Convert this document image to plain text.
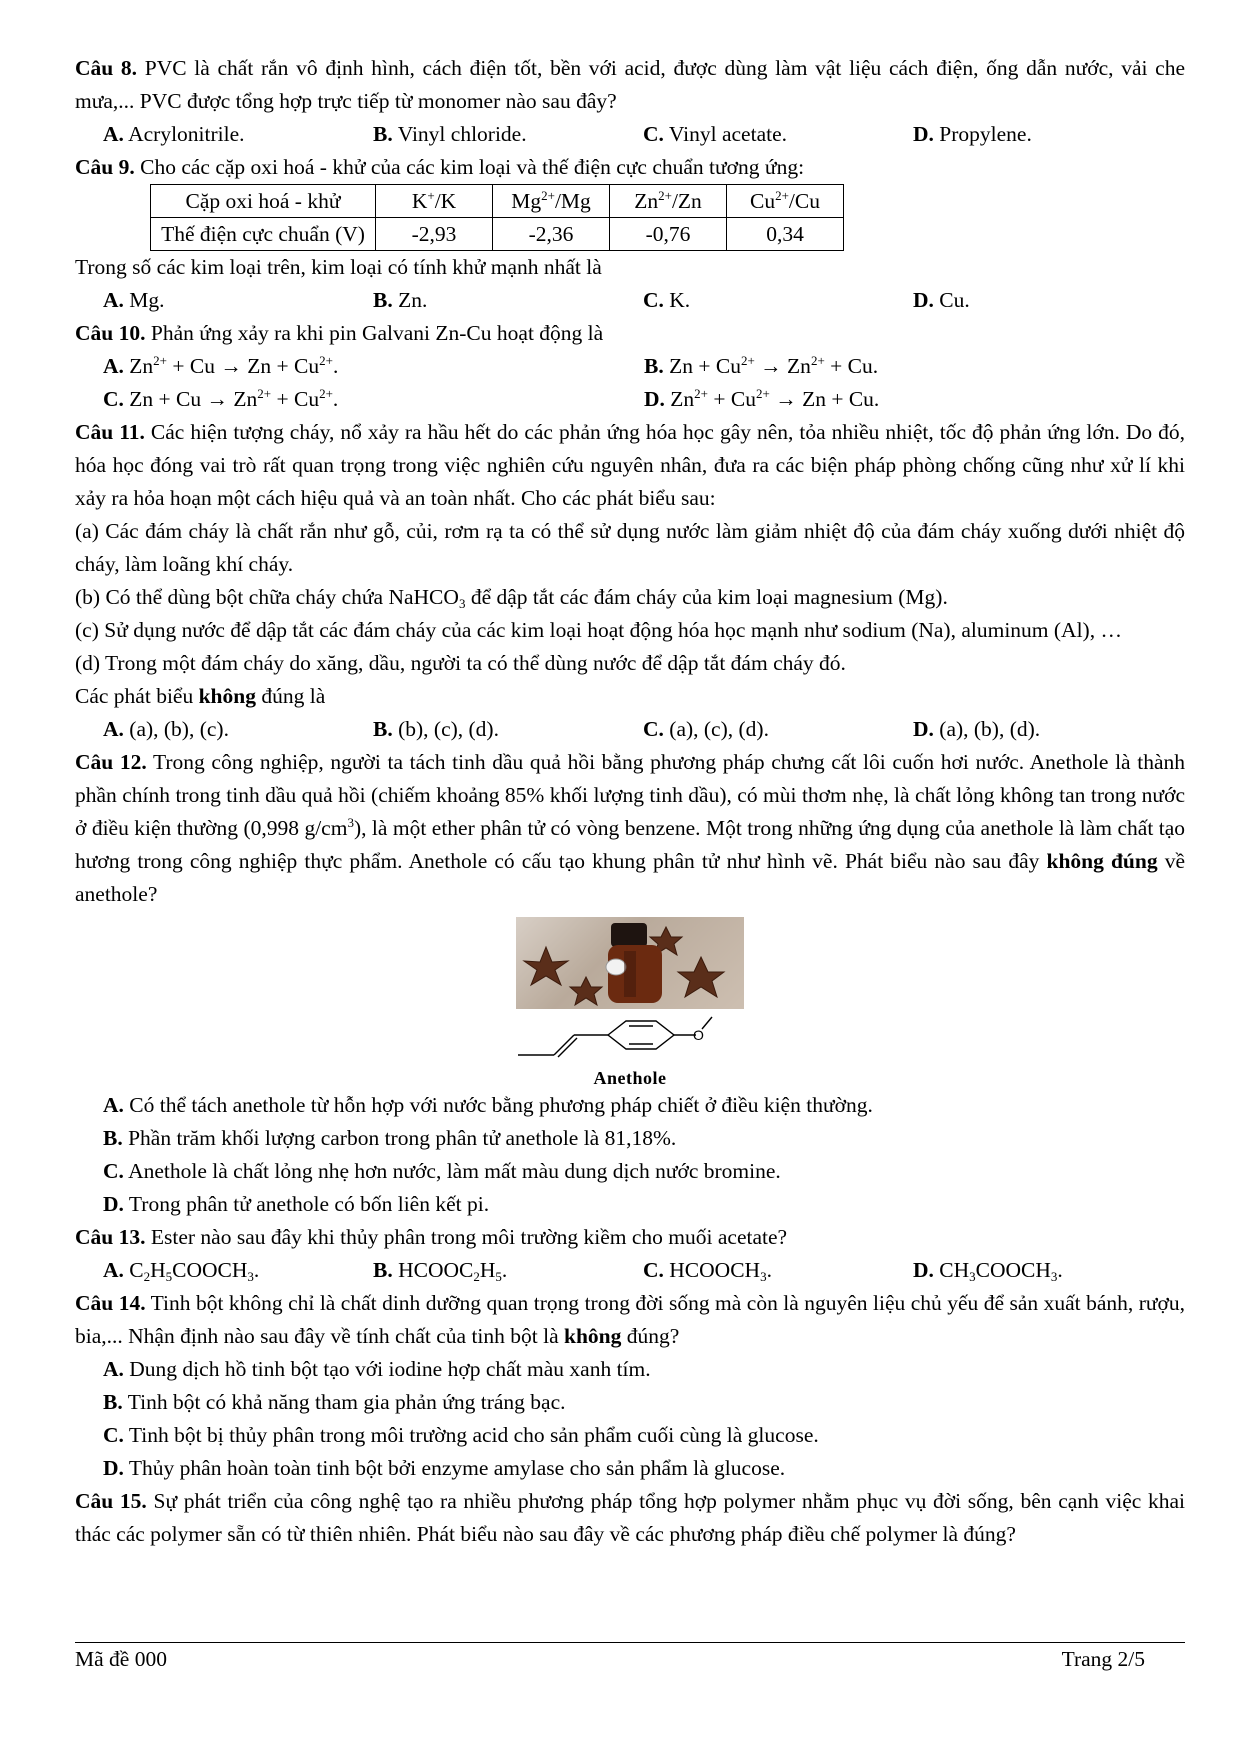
Câu 8. PVC là chất rắn vô định hình, cách điện tốt, bền với acid, được dùng làm vật liệu cách điện, ống dẫn nước, vải che mưa,... PVC được tổng hợp trực tiếp từ monomer nào sau đây?

A. Acrylonitrile.	B. Vinyl chloride.	C. Vinyl acetate.	D. Propylene.

Câu 9. Cho các cặp oxi hoá - khử của các kim loại và thế điện cực chuẩn tương ứng:

Cặp oxi hoá - khử	K+/K	$Mg^{2+}/Mg$	$Zn^{2+}/Zn$	$Cu^{2+}/Cu$
Thế điện cực chuẩn (V)	-2,93	-2,36	-0,76	0,34

Trong số các kim loại trên, kim loại có tính khử mạnh nhất là

A. Mg.	B. Zn.	C. K.	D. Cu.

Câu 10. Phản ứng xảy ra khi pin Galvani Zn-Cu hoạt động là

A. $Zn^{2+} + Cu \to Zn + Cu^{2+}$.	B. $Zn + Cu^{2+} \to Zn^{2+} + Cu$.
C. $Zn + Cu \to Zn^{2+} + Cu^{2+}$.	D. $Zn^{2+} + Cu^{2+} \to Zn + Cu$.

Câu 11. Các hiện tượng cháy, nổ xảy ra hầu hết do các phản ứng hóa học gây nên, tỏa nhiều nhiệt, tốc độ phản ứng lớn. Do đó, hóa học đóng vai trò rất quan trọng trong việc nghiên cứu nguyên nhân, đưa ra các biện pháp phòng chống cũng như xử lí khi xảy ra hỏa hoạn một cách hiệu quả và an toàn nhất. Cho các phát biểu sau:

(a) Các đám cháy là chất rắn như gỗ, củi, rơm rạ ta có thể sử dụng nước làm giảm nhiệt độ của đám cháy xuống dưới nhiệt độ cháy, làm loãng khí cháy.

(b) Có thể dùng bột chữa cháy chứa NaHCO$_3$ để dập tắt các đám cháy của kim loại magnesium (Mg).

(c) Sử dụng nước để dập tắt các đám cháy của các kim loại hoạt động hóa học mạnh như sodium (Na), aluminum (Al), …

(d) Trong một đám cháy do xăng, dầu, người ta có thể dùng nước để dập tắt đám cháy đó.

Các phát biểu không đúng là

A. (a), (b), (c).	B. (b), (c), (d).	C. (a), (c), (d).	D. (a), (b), (d).

Câu 12. Trong công nghiệp, người ta tách tinh dầu quả hồi bằng phương pháp chưng cất lôi cuốn hơi nước. Anethole là thành phần chính trong tinh dầu quả hồi (chiếm khoảng 85% khối lượng tinh dầu), có mùi thơm nhẹ, là chất lỏng không tan trong nước ở điều kiện thường (0,998 $g/cm^3$), là một ether phân tử có vòng benzene. Một trong những ứng dụng của anethole là làm chất tạo hương trong công nghiệp thực phẩm. Anethole có cấu tạo khung phân tử như hình vẽ. Phát biểu nào sau đây không đúng về anethole?

O
Anethole
A. Có thể tách anethole từ hỗn hợp với nước bằng phương pháp chiết ở điều kiện thường.
B. Phần trăm khối lượng carbon trong phân tử anethole là 81,18%.
C. Anethole là chất lỏng nhẹ hơn nước, làm mất màu dung dịch nước bromine.
D. Trong phân tử anethole có bốn liên kết pi.

Câu 13. Ester nào sau đây khi thủy phân trong môi trường kiềm cho muối acetate?

A. $C_2H_5COOCH_3$.	B. $HCOOC_2H_5$.	C. $HCOOCH_3$.	D. $CH_3COOCH_3$.

Câu 14. Tinh bột không chỉ là chất dinh dưỡng quan trọng trong đời sống mà còn là nguyên liệu chủ yếu để sản xuất bánh, rượu, bia,... Nhận định nào sau đây về tính chất của tinh bột là không đúng?

A. Dung dịch hồ tinh bột tạo với iodine hợp chất màu xanh tím.
B. Tinh bột có khả năng tham gia phản ứng tráng bạc.
C. Tinh bột bị thủy phân trong môi trường acid cho sản phẩm cuối cùng là glucose.
D. Thủy phân hoàn toàn tinh bột bởi enzyme amylase cho sản phẩm là glucose.

Câu 15. Sự phát triển của công nghệ tạo ra nhiều phương pháp tổng hợp polymer nhằm phục vụ đời sống, bên cạnh việc khai thác các polymer sẵn có từ thiên nhiên. Phát biểu nào sau đây về các phương pháp điều chế polymer là đúng?

Mã đề 000	Trang 2/5
